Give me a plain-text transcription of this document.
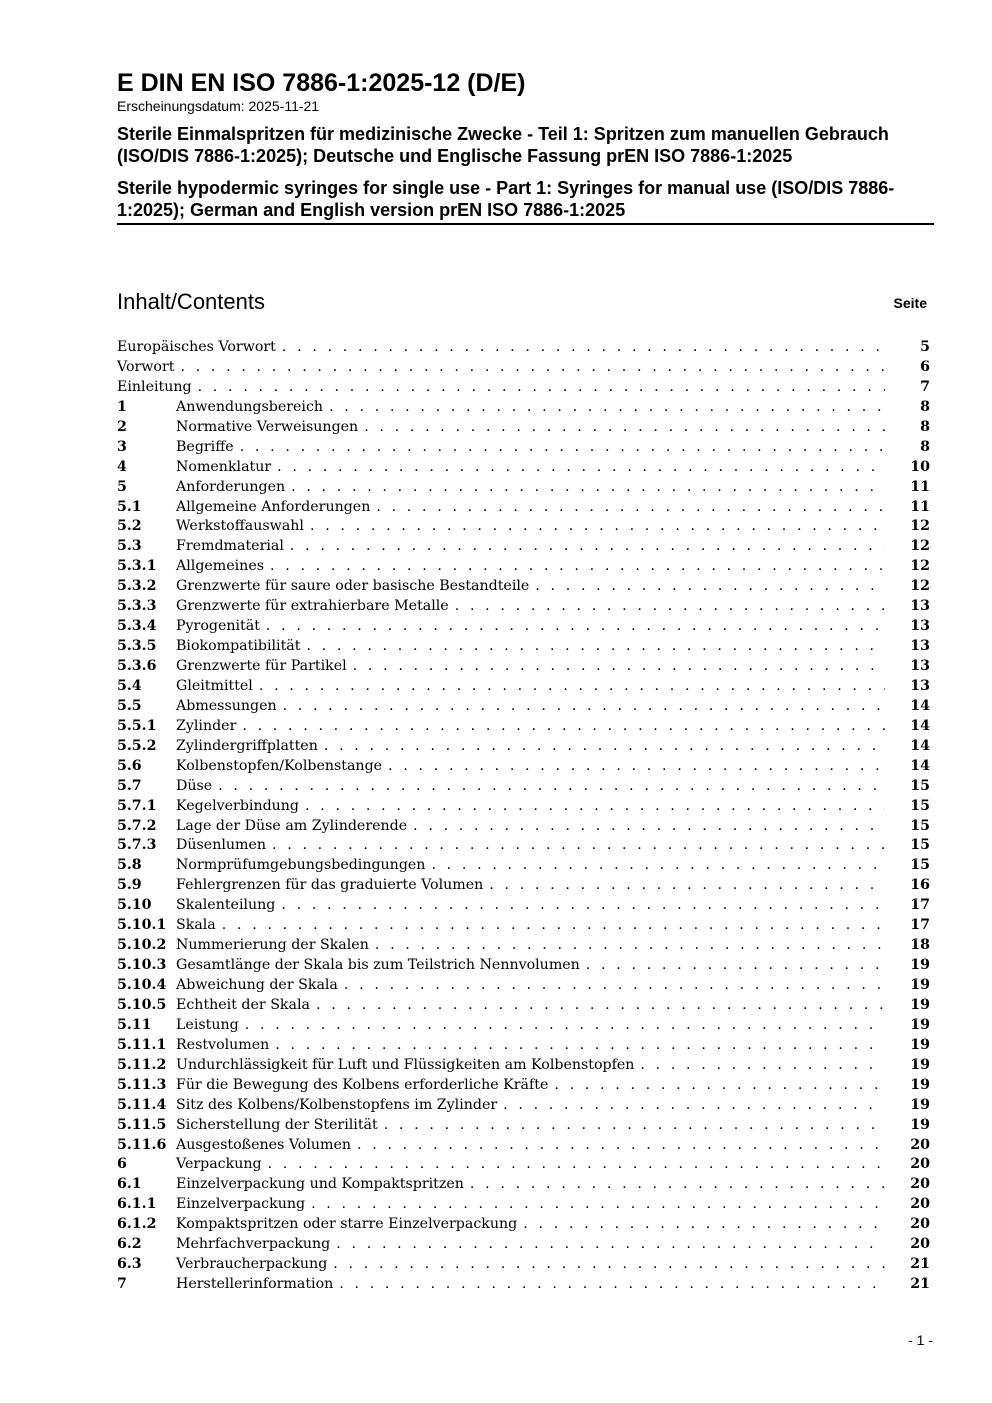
E DIN EN ISO 7886-1:2025-12 (D/E)

Erscheinungsdatum: 2025-11-21

Sterile Einmalspritzen für medizinische Zwecke - Teil 1: Spritzen zum manuellen Gebrauch (ISO/DIS 7886-1:2025); Deutsche und Englische Fassung prEN ISO 7886-1:2025

Sterile hypodermic syringes for single use - Part 1: Syringes for manual use (ISO/DIS 7886-1:2025); German and English version prEN ISO 7886-1:2025

Inhalt/Contents	Seite
Europäisches Vorwort . . .	5
Vorwort . . .	6
Einleitung . . .	7
1	Anwendungsbereich . . .	8
2	Normative Verweisungen . . .	8
3	Begriffe . . .	8
4	Nomenklatur . . .	10
5	Anforderungen . . .	11
5.1	Allgemeine Anforderungen . . .	11
5.2	Werkstoffauswahl . . .	12
5.3	Fremdmaterial . . .	12
5.3.1	Allgemeines . . .	12
5.3.2	Grenzwerte für saure oder basische Bestandteile . . .	12
5.3.3	Grenzwerte für extrahierbare Metalle . . .	13
5.3.4	Pyrogenität . . .	13
5.3.5	Biokompatibilität . . .	13
5.3.6	Grenzwerte für Partikel . . .	13
5.4	Gleitmittel . . .	13
5.5	Abmessungen . . .	14
5.5.1	Zylinder . . .	14
5.5.2	Zylindergriffplatten . . .	14
5.6	Kolbenstopfen/Kolbenstange . . .	14
5.7	Düse . . .	15
5.7.1	Kegelverbindung . . .	15
5.7.2	Lage der Düse am Zylinderende . . .	15
5.7.3	Düsenlumen . . .	15
5.8	Normprüfumgebungsbedingungen . . .	15
5.9	Fehlergrenzen für das graduierte Volumen . . .	16
5.10	Skalenteilung . . .	17
5.10.1 Skala . . .	17
5.10.2 Nummerierung der Skalen . . .	18
5.10.3 Gesamtlänge der Skala bis zum Teilstrich Nennvolumen . . .	19
5.10.4 Abweichung der Skala . . .	19
5.10.5 Echtheit der Skala . . .	19
5.11	Leistung . . .	19
5.11.1 Restvolumen . . .	19
5.11.2 Undurchlässigkeit für Luft und Flüssigkeiten am Kolbenstopfen . . .	19
5.11.3 Für die Bewegung des Kolbens erforderliche Kräfte . . .	19
5.11.4 Sitz des Kolbens/Kolbenstopfens im Zylinder . . .	19
5.11.5 Sicherstellung der Sterilität . . .	19
5.11.6 Ausgestoßenes Volumen . . .	20
6	Verpackung . . .	20
6.1	Einzelverpackung und Kompaktspritzen . . .	20
6.1.1	Einzelverpackung . . .	20
6.1.2	Kompaktspritzen oder starre Einzelverpackung . . .	20
6.2	Mehrfachverpackung . . .	20
6.3	Verbraucherpackung . . .	21
7	Herstellerinformation . . .	21
- 1 -
